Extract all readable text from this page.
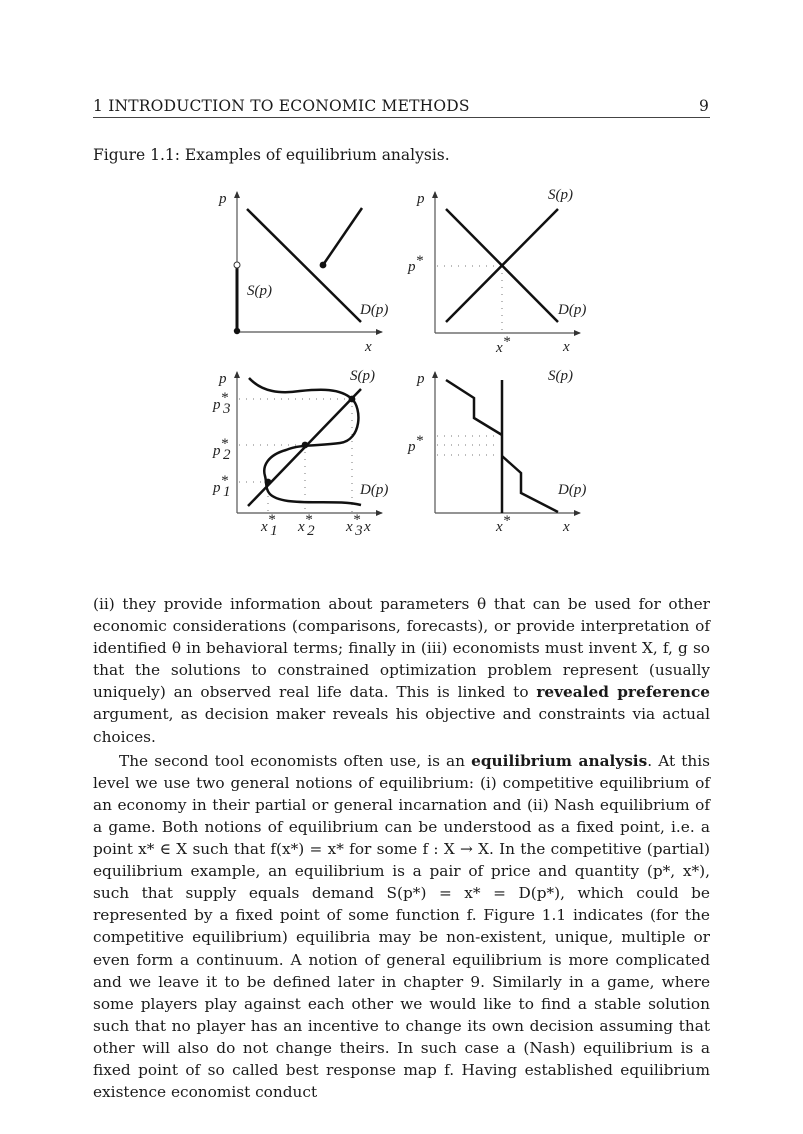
1 INTRODUCTION TO ECONOMIC METHODS	9
Figure 1.1: Examples of equilibrium analysis.
p
x
S(p)
D(p)
p
x
S(p)
D(p)
p*
x*
p
x
S(p)
D(p)
p* 3
p* 2
p* 1
x* 1 x* 2 x* 3
p
x
S(p)
D(p)
p*
x*

(ii) they provide information about parameters θ that can be used for other economic considerations (comparisons, forecasts), or provide interpretation of identified θ in behavioral terms; finally in (iii) economists must invent X, f, g so that the solutions to constrained optimization problem represent (usually uniquely) an observed real life data. This is linked to revealed preference argument, as decision maker reveals his objective and constraints via actual choices.

The second tool economists often use, is an equilibrium analysis. At this level we use two general notions of equilibrium: (i) competitive equilibrium of an economy in their partial or general incarnation and (ii) Nash equilibrium of a game. Both notions of equilibrium can be understood as a fixed point, i.e. a point x* ∈ X such that f(x*) = x* for some f : X → X. In the competitive (partial) equilibrium example, an equilibrium is a pair of price and quantity (p*, x*), such that supply equals demand S(p*) = x* = D(p*), which could be represented by a fixed point of some function f. Figure 1.1 indicates (for the competitive equilibrium) equilibria may be non-existent, unique, multiple or even form a continuum. A notion of general equilibrium is more complicated and we leave it to be defined later in chapter 9. Similarly in a game, where some players play against each other we would like to find a stable solution such that no player has an incentive to change its own decision assuming that other will also do not change theirs. In such case a (Nash) equilibrium is a fixed point of so called best response map f. Having established equilibrium existence economist conduct
